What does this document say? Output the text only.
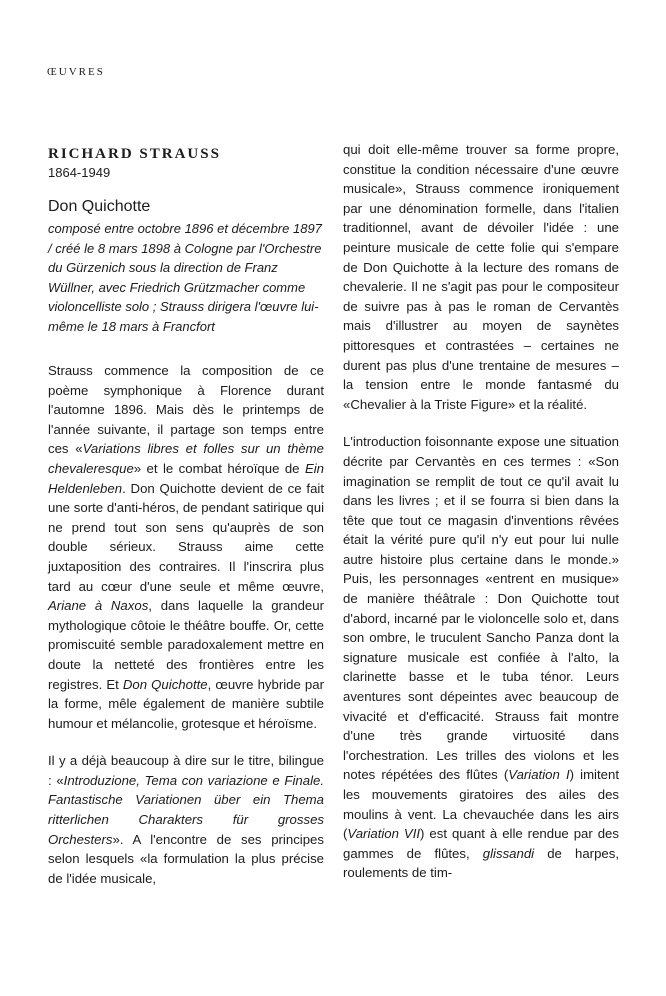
ŒUVRES
RICHARD STRAUSS
1864-1949
Don Quichotte
composé entre octobre 1896 et décembre 1897 / créé le 8 mars 1898 à Cologne par l'Orchestre du Gürzenich sous la direction de Franz Wüllner, avec Friedrich Grützmacher comme violoncelliste solo ; Strauss dirigera l'œuvre lui-même le 18 mars à Francfort

Strauss commence la composition de ce poème symphonique à Florence durant l'automne 1896. Mais dès le printemps de l'année suivante, il partage son temps entre ces «Variations libres et folles sur un thème chevaleresque» et le combat héroïque de Ein Heldenleben. Don Quichotte devient de ce fait une sorte d'anti-héros, de pendant satirique qui ne prend tout son sens qu'auprès de son double sérieux. Strauss aime cette juxtaposition des contraires. Il l'inscrira plus tard au cœur d'une seule et même œuvre, Ariane à Naxos, dans laquelle la grandeur mythologique côtoie le théâtre bouffe. Or, cette promiscuité semble paradoxalement mettre en doute la netteté des frontières entre les registres. Et Don Quichotte, œuvre hybride par la forme, mêle également de manière subtile humour et mélancolie, grotesque et héroïsme.

Il y a déjà beaucoup à dire sur le titre, bilingue : «Introduzione, Tema con variazione e Finale. Fantastische Variationen über ein Thema ritterlichen Charakters für grosses Orchesters». A l'encontre de ses principes selon lesquels «la formulation la plus précise de l'idée musicale,

qui doit elle-même trouver sa forme propre, constitue la condition nécessaire d'une œuvre musicale», Strauss commence ironiquement par une dénomination formelle, dans l'italien traditionnel, avant de dévoiler l'idée : une peinture musicale de cette folie qui s'empare de Don Quichotte à la lecture des romans de chevalerie. Il ne s'agit pas pour le compositeur de suivre pas à pas le roman de Cervantès mais d'illustrer au moyen de saynètes pittoresques et contrastées – certaines ne durent pas plus d'une trentaine de mesures – la tension entre le monde fantasmé du «Chevalier à la Triste Figure» et la réalité.

L'introduction foisonnante expose une situation décrite par Cervantès en ces termes : «Son imagination se remplit de tout ce qu'il avait lu dans les livres ; et il se fourra si bien dans la tête que tout ce magasin d'inventions rêvées était la vérité pure qu'il n'y eut pour lui nulle autre histoire plus certaine dans le monde.» Puis, les personnages «entrent en musique» de manière théâtrale : Don Quichotte tout d'abord, incarné par le violoncelle solo et, dans son ombre, le truculent Sancho Panza dont la signature musicale est confiée à l'alto, la clarinette basse et le tuba ténor. Leurs aventures sont dépeintes avec beaucoup de vivacité et d'efficacité. Strauss fait montre d'une très grande virtuosité dans l'orchestration. Les trilles des violons et les notes répétées des flûtes (Variation I) imitent les mouvements giratoires des ailes des moulins à vent. La chevauchée dans les airs (Variation VII) est quant à elle rendue par des gammes de flûtes, glissandi de harpes, roulements de tim-
